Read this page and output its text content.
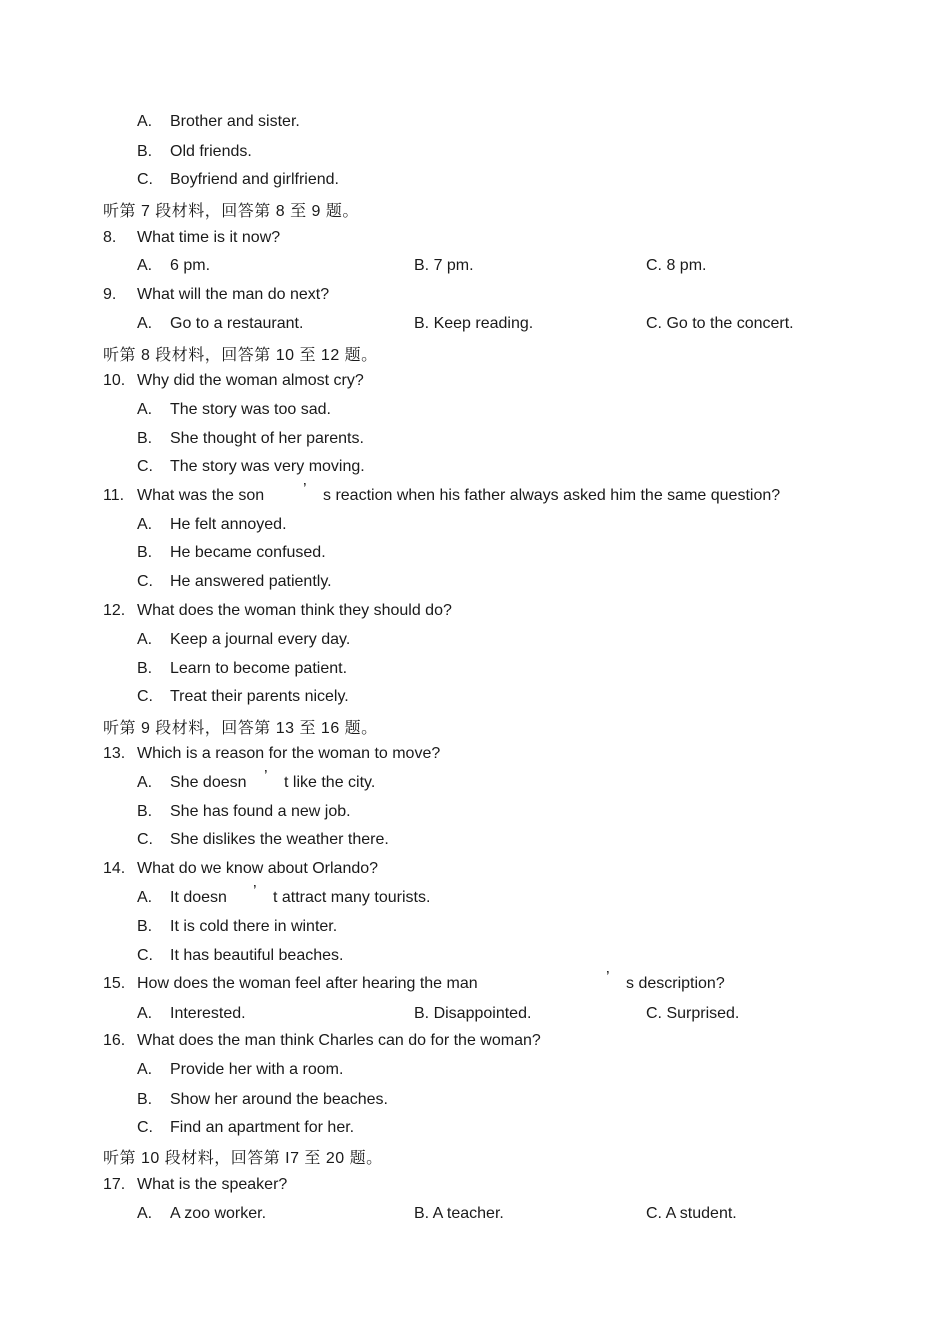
A. Brother and sister.
B. Old friends.
C. Boyfriend and girlfriend.
听第 7 段材料，回答第 8 至 9 题。
8. What time is it now?
A. 6 pm.	B. 7 pm.	C. 8 pm.
9. What will the man do next?
A. Go to a restaurant.	B. Keep reading.	C. Go to the concert.
听第 8 段材料，回答第 10 至 12 题。
10. Why did the woman almost cry?
A. The story was too sad.
B. She thought of her parents.
C. The story was very moving.
11. What was the son ’ s reaction when his father always asked him the same question?
A. He felt annoyed.
B. He became confused.
C. He answered patiently.
12. What does the woman think they should do?
A. Keep a journal every day.
B. Learn to become patient.
C. Treat their parents nicely.
听第 9 段材料，回答第 13 至 16 题。
13. Which is a reason for the woman to move?
A. She doesn ’ t like the city.
B. She has found a new job.
C. She dislikes the weather there.
14. What do we know about Orlando?
A. It doesn ’ t attract many tourists.
B. It is cold there in winter.
C. It has beautiful beaches.
15. How does the woman feel after hearing the man	’ s description?
A. Interested.	B. Disappointed.	C. Surprised.
16. What does the man think Charles can do for the woman?
A. Provide her with a room.
B. Show her around the beaches.
C. Find an apartment for her.
听第 10 段材料，回答第 I7 至 20 题。
17. What is the speaker?
A. A zoo worker.	B. A teacher.	C. A student.
